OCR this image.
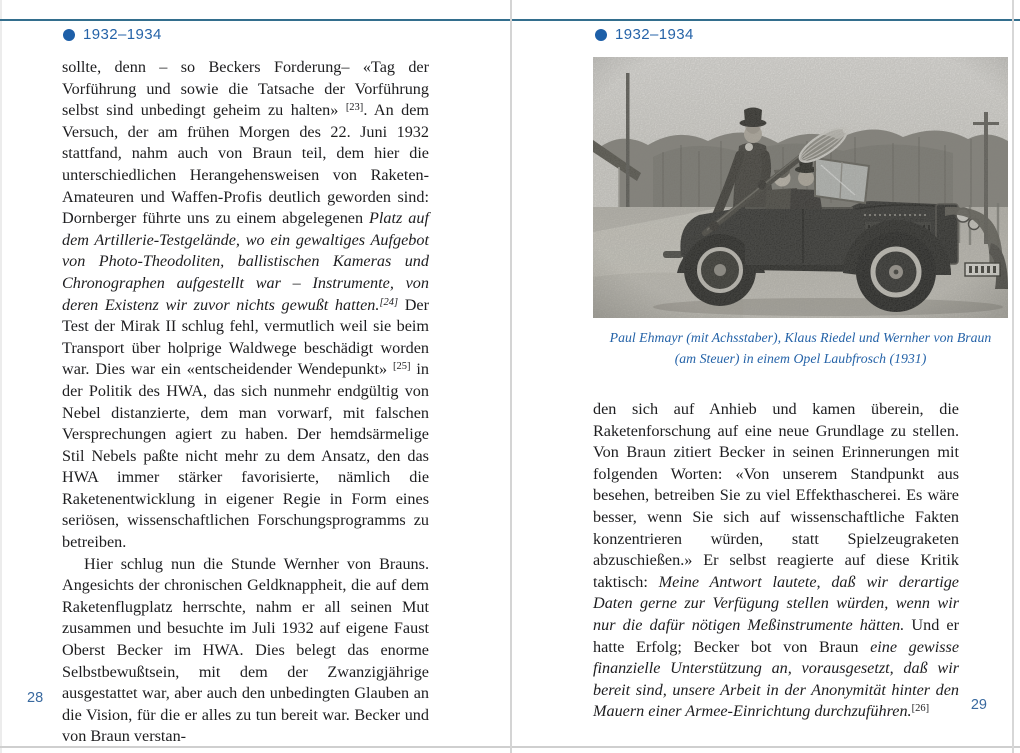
1932–1934

sollte, denn – so Beckers Forderung– «Tag der Vorführung und sowie die Tatsache der Vorführung selbst sind unbedingt geheim zu halten» [23]. An dem Versuch, der am frühen Morgen des 22. Juni 1932 stattfand, nahm auch von Braun teil, dem hier die unterschiedlichen Herangehensweisen von Raketen-Amateuren und Waffen-Profis deutlich geworden sind: Dornberger führte uns zu einem abgelegenen Platz auf dem Artillerie-Testgelände, wo ein gewaltiges Aufgebot von Photo-Theodoliten, ballistischen Kameras und Chronographen aufgestellt war – Instrumente, von deren Existenz wir zuvor nichts gewußt hatten.[24] Der Test der Mirak II schlug fehl, vermutlich weil sie beim Transport über holprige Waldwege beschädigt worden war. Dies war ein «entscheidender Wendepunkt» [25] in der Politik des HWA, das sich nunmehr endgültig von Nebel distanzierte, dem man vorwarf, mit falschen Versprechungen agiert zu haben. Der hemdsärmelige Stil Nebels paßte nicht mehr zu dem Ansatz, den das HWA immer stärker favorisierte, nämlich die Raketenentwicklung in eigener Regie in Form eines seriösen, wissenschaftlichen Forschungsprogramms zu betreiben.

Hier schlug nun die Stunde Wernher von Brauns. Angesichts der chronischen Geldknappheit, die auf dem Raketenflugplatz herrschte, nahm er all seinen Mut zusammen und besuchte im Juli 1932 auf eigene Faust Oberst Becker im HWA. Dies belegt das enorme Selbstbewußtsein, mit dem der Zwanzigjährige ausgestattet war, aber auch den unbedingten Glauben an die Vision, für die er alles zu tun bereit war. Becker und von Braun verstan-

28
1932–1934
Paul Ehmayr (mit Achsstaber), Klaus Riedel und Wernher von Braun
(am Steuer) in einem Opel Laubfrosch (1931)

den sich auf Anhieb und kamen überein, die Raketenforschung auf eine neue Grundlage zu stellen. Von Braun zitiert Becker in seinen Erinnerungen mit folgenden Worten: «Von unserem Standpunkt aus besehen, betreiben Sie zu viel Effekthascherei. Es wäre besser, wenn Sie sich auf wissenschaftliche Fakten konzentrieren würden, statt Spielzeugraketen abzuschießen.» Er selbst reagierte auf diese Kritik taktisch: Meine Antwort lautete, daß wir derartige Daten gerne zur Verfügung stellen würden, wenn wir nur die dafür nötigen Meßinstrumente hätten. Und er hatte Erfolg; Becker bot von Braun eine gewisse finanzielle Unterstützung an, vorausgesetzt, daß wir bereit sind, unsere Arbeit in der Anonymität hinter den Mauern einer Armee-Einrichtung durchzuführen.[26]	29
